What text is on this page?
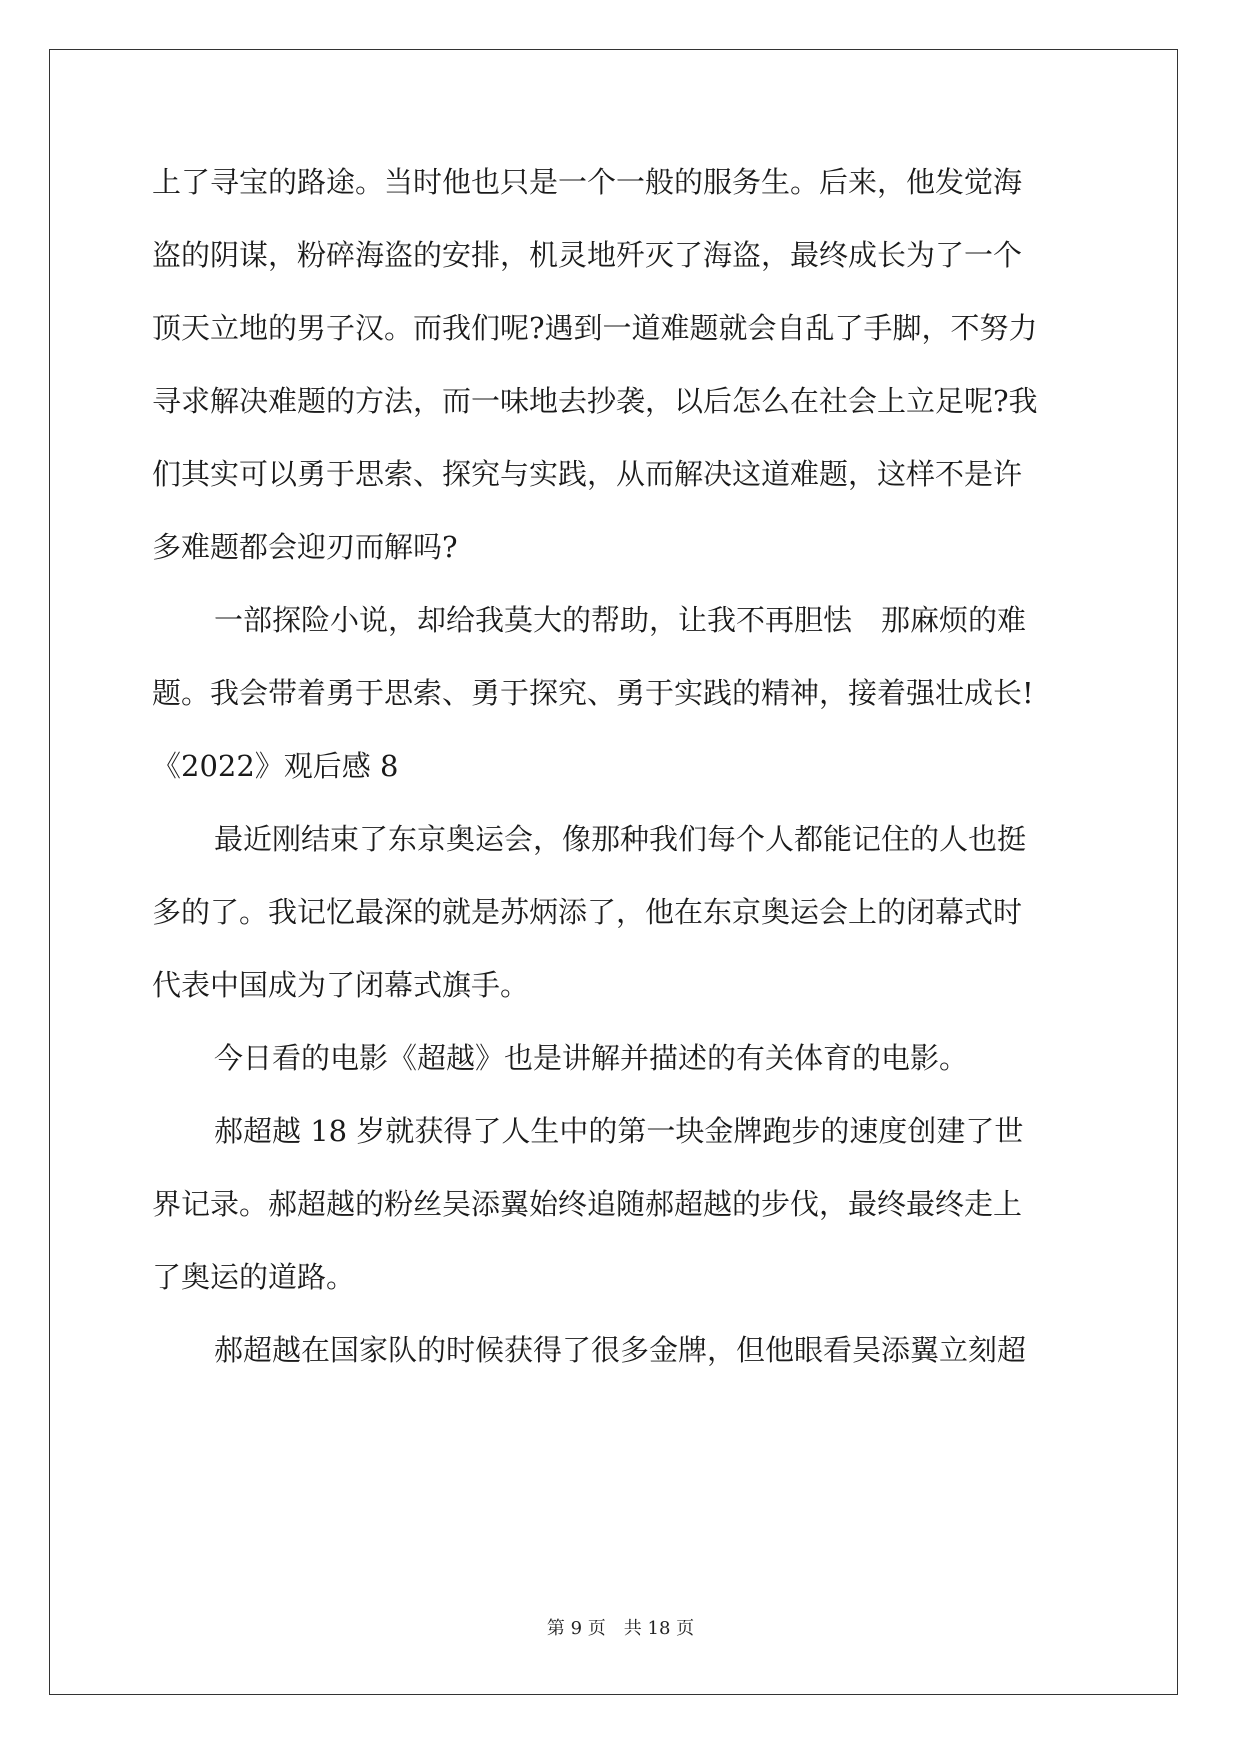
上了寻宝的路途。当时他也只是一个一般的服务生。后来，他发觉海
盗的阴谋，粉碎海盗的安排，机灵地歼灭了海盗，最终成长为了一个
顶天立地的男子汉。而我们呢?遇到一道难题就会自乱了手脚，不努力
寻求解决难题的方法，而一味地去抄袭，以后怎么在社会上立足呢?我
们其实可以勇于思索、探究与实践，从而解决这道难题，这样不是许
多难题都会迎刃而解吗?
一部探险小说，却给我莫大的帮助，让我不再胆怯　那麻烦的难
题。我会带着勇于思索、勇于探究、勇于实践的精神，接着强壮成长!
《2022》观后感 8
最近刚结束了东京奥运会，像那种我们每个人都能记住的人也挺
多的了。我记忆最深的就是苏炳添了，他在东京奥运会上的闭幕式时
代表中国成为了闭幕式旗手。
今日看的电影《超越》也是讲解并描述的有关体育的电影。
郝超越 18 岁就获得了人生中的第一块金牌跑步的速度创建了世
界记录。郝超越的粉丝吴添翼始终追随郝超越的步伐，最终最终走上
了奥运的道路。
郝超越在国家队的时候获得了很多金牌，但他眼看吴添翼立刻超
第 9 页　共 18 页
